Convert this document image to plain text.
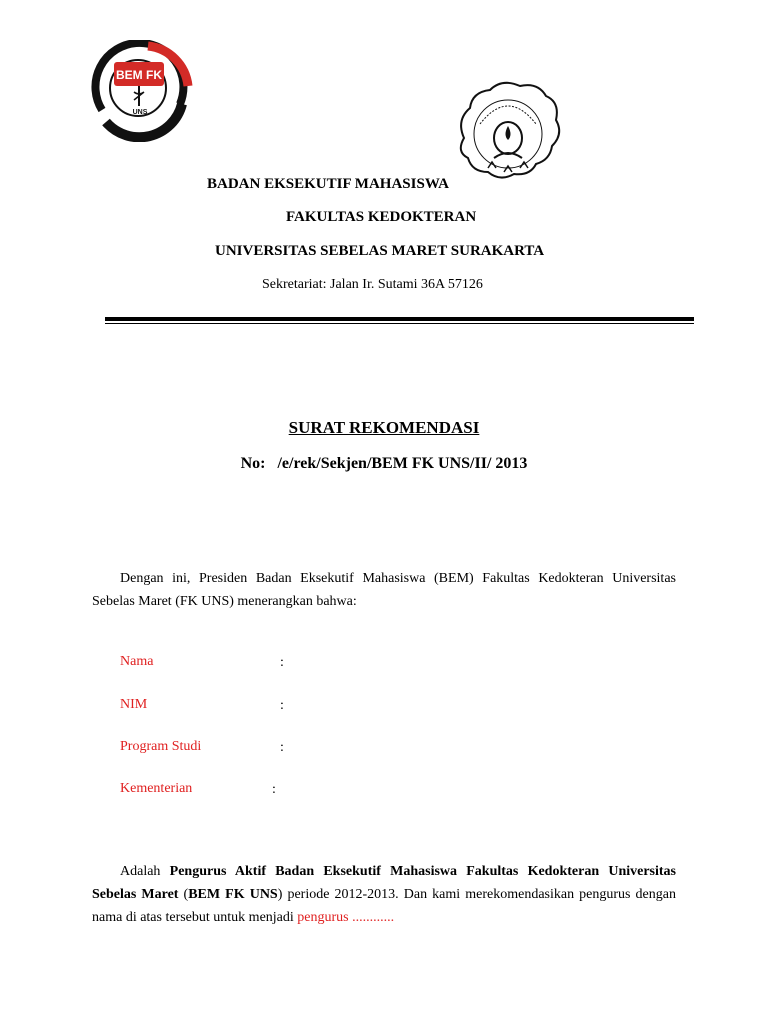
BEM FK
UNS
BADAN EKSEKUTIF MAHASISWA
FAKULTAS KEDOKTERAN
UNIVERSITAS SEBELAS MARET SURAKARTA
Sekretariat: Jalan Ir. Sutami 36A 57126
SURAT REKOMENDASI
No:   /e/rek/Sekjen/BEM FK UNS/II/ 2013

Dengan ini, Presiden Badan Eksekutif Mahasiswa (BEM) Fakultas Kedokteran Universitas Sebelas Maret (FK UNS) menerangkan bahwa:

Nama	:
NIM	:
Program Studi	:
Kementerian	:

Adalah Pengurus Aktif Badan Eksekutif Mahasiswa Fakultas Kedokteran Universitas Sebelas Maret (BEM FK UNS) periode 2012-2013. Dan kami merekomendasikan pengurus dengan nama di atas tersebut untuk menjadi pengurus ............
